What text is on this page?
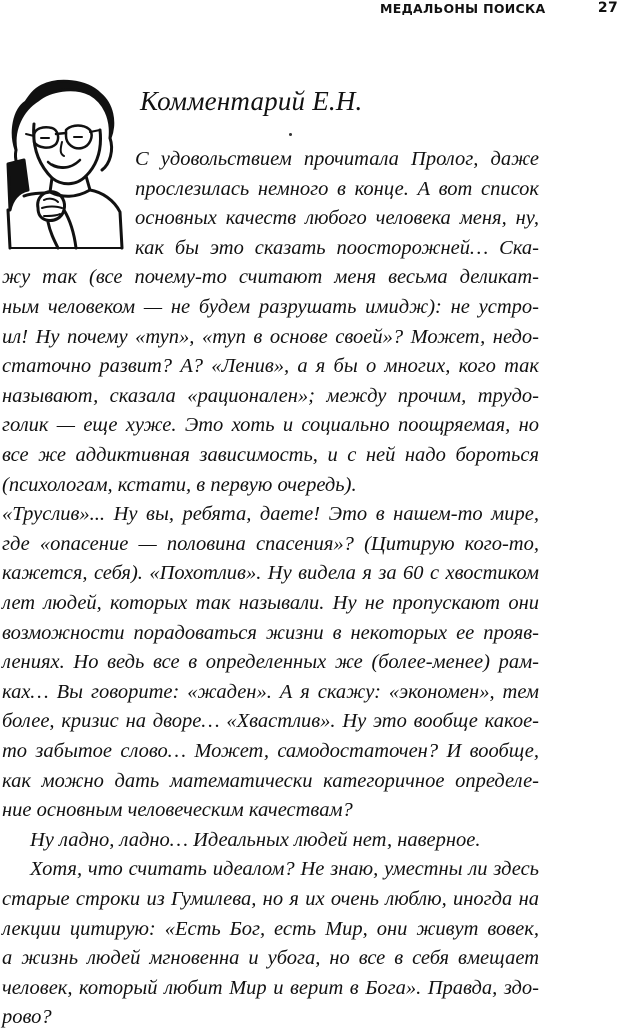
МЕДАЛЬОНЫ ПОИСКА	27
Комментарий Е.Н.
С удовольствием прочитала Пролог, даже
прослезилась немного в конце. А вот список
основных качеств любого человека меня, ну,
как бы это сказать поосторожней… Ска-
жу так (все почему-то считают меня весьма деликат-
ным человеком — не будем разрушать имидж): не устро-
ил! Ну почему «туп», «туп в основе своей»? Может, недо-
статочно развит? А? «Ленив», а я бы о многих, кого так
называют, сказала «рационален»; между прочим, трудо-
голик — еще хуже. Это хоть и социально поощряемая, но
все же аддиктивная зависимость, и с ней надо бороться
(психологам, кстати, в первую очередь).
«Труслив»... Ну вы, ребята, даете! Это в нашем-то мире,
где «опасение — половина спасения»? (Цитирую кого-то,
кажется, себя). «Похотлив». Ну видела я за 60 с хвостиком
лет людей, которых так называли. Ну не пропускают они
возможности порадоваться жизни в некоторых ее прояв-
лениях. Но ведь все в определенных же (более-менее) рам-
ках… Вы говорите: «жаден». А я скажу: «экономен», тем
более, кризис на дворе… «Хвастлив». Ну это вообще какое-
то забытое слово… Может, самодостаточен? И вообще,
как можно дать математически категоричное определе-
ние основным человеческим качествам?
Ну ладно, ладно… Идеальных людей нет, наверное.
Хотя, что считать идеалом? Не знаю, уместны ли здесь
старые строки из Гумилева, но я их очень люблю, иногда на
лекции цитирую: «Есть Бог, есть Мир, они живут вовек,
а жизнь людей мгновенна и убога, но все в себя вмещает
человек, который любит Мир и верит в Бога». Правда, здо-
рово?
